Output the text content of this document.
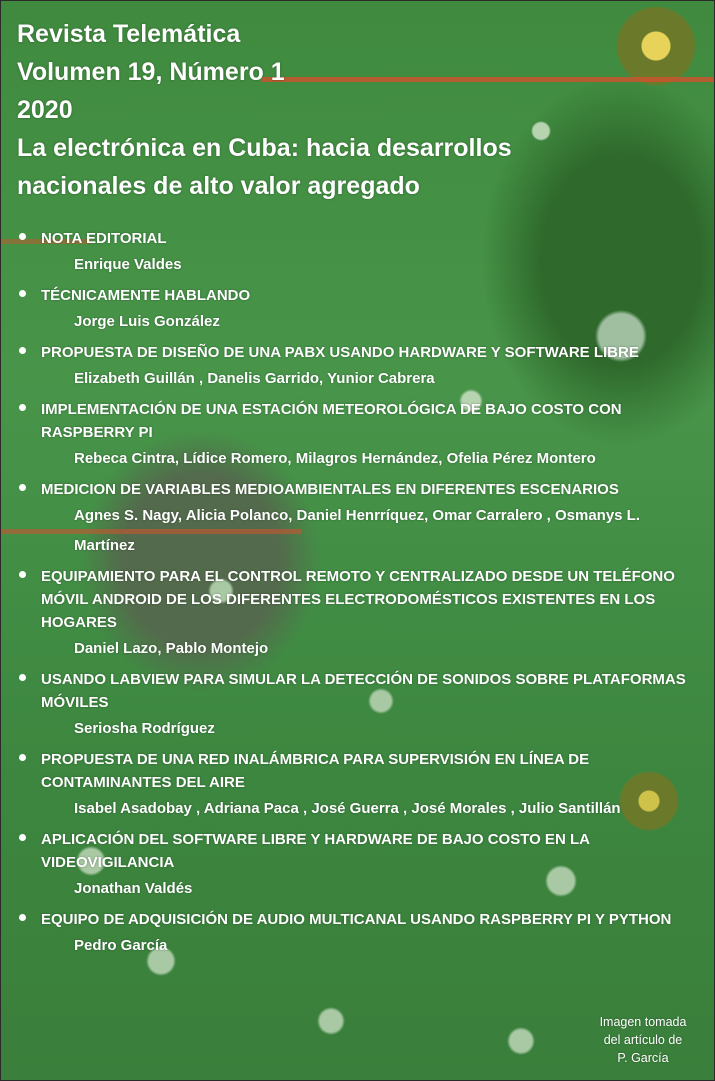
Revista Telemática
Volumen 19, Número 1
2020
La electrónica en Cuba: hacia desarrollos
nacionales de alto valor agregado
NOTA EDITORIAL
Enrique Valdes
TÉCNICAMENTE HABLANDO
Jorge Luis González
PROPUESTA DE DISEÑO DE UNA PABX USANDO HARDWARE Y SOFTWARE LIBRE
Elizabeth Guillán , Danelis Garrido, Yunior Cabrera
IMPLEMENTACIÓN DE UNA ESTACIÓN METEOROLÓGICA DE BAJO COSTO CON RASPBERRY PI
Rebeca Cintra, Lídice Romero, Milagros Hernández, Ofelia Pérez Montero
MEDICION DE VARIABLES MEDIOAMBIENTALES EN DIFERENTES ESCENARIOS
Agnes S. Nagy, Alicia Polanco, Daniel Henrríquez, Omar Carralero , Osmanys L. Martínez
EQUIPAMIENTO PARA EL CONTROL REMOTO Y CENTRALIZADO DESDE UN TELÉFONO MÓVIL ANDROID DE LOS DIFERENTES ELECTRODOMÉSTICOS EXISTENTES EN LOS HOGARES
Daniel Lazo, Pablo Montejo
USANDO LABVIEW PARA SIMULAR LA DETECCIÓN DE SONIDOS SOBRE PLATAFORMAS MÓVILES
Seriosha Rodríguez
PROPUESTA DE UNA RED INALÁMBRICA PARA SUPERVISIÓN EN LÍNEA DE CONTAMINANTES DEL AIRE
Isabel Asadobay , Adriana Paca , José Guerra , José Morales , Julio Santillán
APLICACIÓN DEL SOFTWARE LIBRE Y HARDWARE DE BAJO COSTO EN LA VIDEOVIGILANCIA
Jonathan Valdés
EQUIPO DE ADQUISICIÓN DE AUDIO MULTICANAL USANDO RASPBERRY PI Y PYTHON
Pedro García
Imagen tomada
del artículo de
P. García
